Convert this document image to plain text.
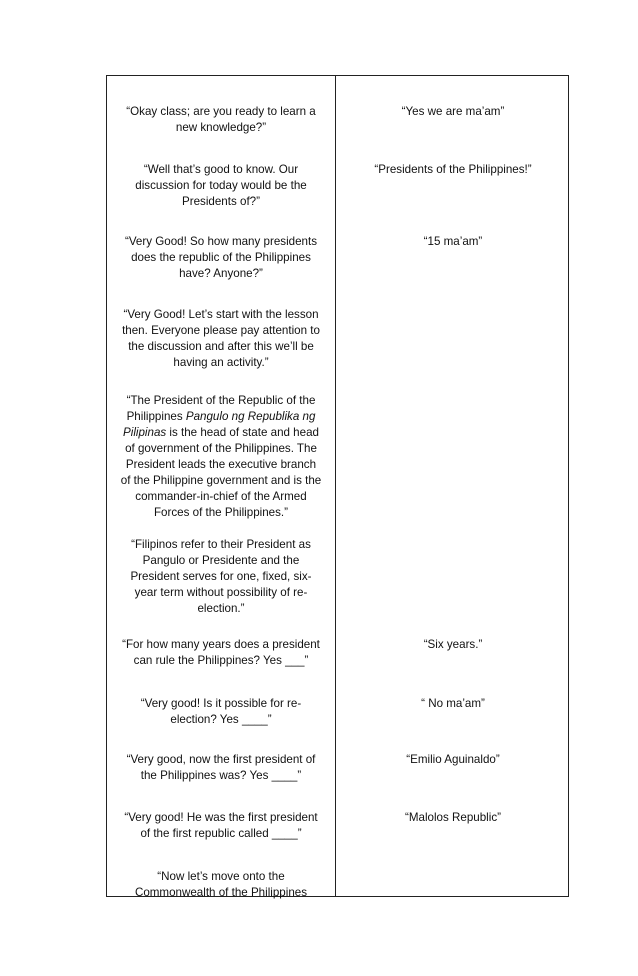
“Okay class; are you ready to learn a
new knowledge?”
“Yes we are ma’am”
“Well that’s good to know. Our
discussion for today would be the
Presidents of?”
“Presidents of the Philippines!”
“Very Good! So how many presidents
does the republic of the Philippines
have? Anyone?”
“15 ma’am”
“Very Good! Let’s start with the lesson
then. Everyone please pay attention to
the discussion and after this we’ll be
having an activity.”
“The President of the Republic of the
Philippines Pangulo ng Republika ng
Pilipinas is the head of state and head
of government of the Philippines. The
President leads the executive branch
of the Philippine government and is the
commander-in-chief of the Armed
Forces of the Philippines.”
“Filipinos refer to their President as
Pangulo or Presidente and the
President serves for one, fixed, six-
year term without possibility of re-
election.”
“For how many years does a president
can rule the Philippines? Yes ___”
“Six years.”
“Very good! Is it possible for re-
election? Yes ____”
“ No ma’am”
“Very good, now the first president of
the Philippines was? Yes ____”
“Emilio Aguinaldo”
“Very good! He was the first president
of the first republic called ____”
“Malolos Republic”
“Now let’s move onto the
Commonwealth of the Philippines
